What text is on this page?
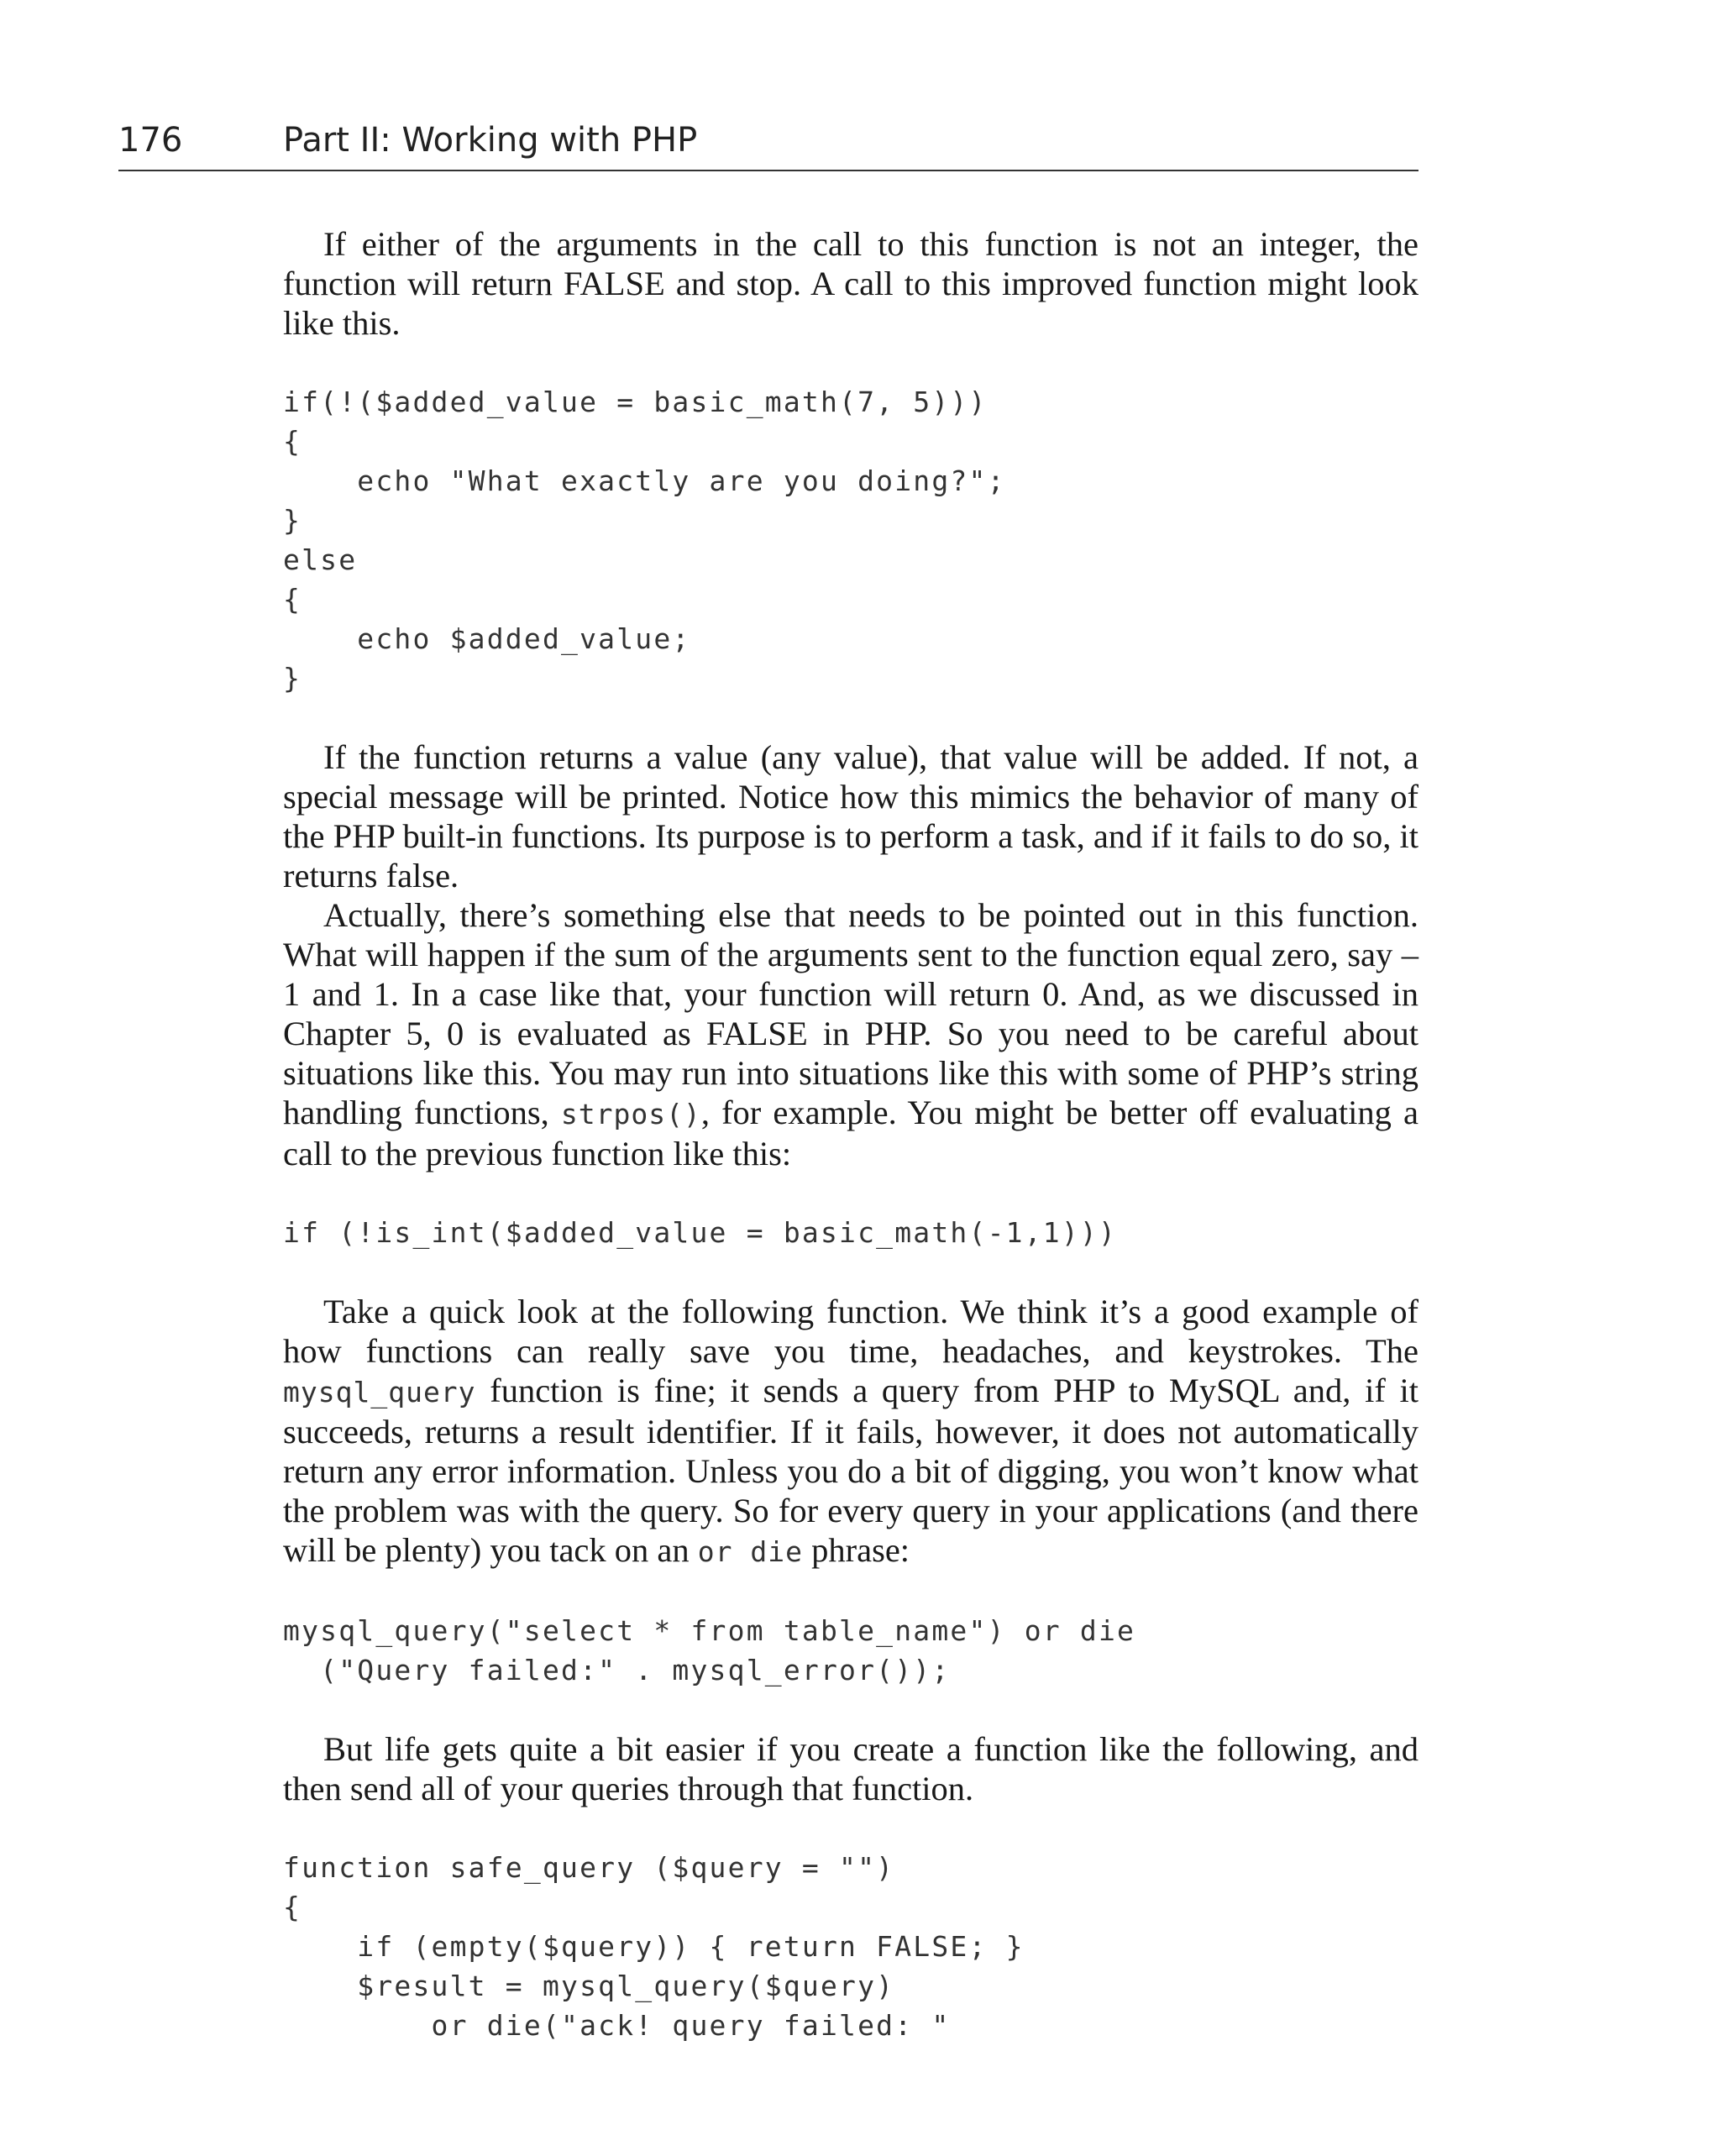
176	Part II: Working with PHP

If either of the arguments in the call to this function is not an integer, the function will return FALSE and stop. A call to this improved function might look like this.

if(!($added_value = basic_math(7, 5)))
{
echo "What exactly are you doing?";
}
else
{
echo $added_value;
}

If the function returns a value (any value), that value will be added. If not, a special message will be printed. Notice how this mimics the behavior of many of the PHP built-in functions. Its purpose is to perform a task, and if it fails to do so, it returns false.

Actually, there’s something else that needs to be pointed out in this function. What will happen if the sum of the arguments sent to the function equal zero, say –1 and 1. In a case like that, your function will return 0. And, as we discussed in Chapter 5, 0 is evaluated as FALSE in PHP. So you need to be careful about situations like this. You may run into situations like this with some of PHP’s string handling functions, strpos(), for example. You might be better off evaluating a call to the previous function like this:

if (!is_int($added_value = basic_math(-1,1)))

Take a quick look at the following function. We think it’s a good example of how functions can really save you time, headaches, and keystrokes. The mysql_query function is fine; it sends a query from PHP to MySQL and, if it succeeds, returns a result identifier. If it fails, however, it does not automatically return any error information. Unless you do a bit of digging, you won’t know what the problem was with the query. So for every query in your applications (and there will be plenty) you tack on an or die phrase:

mysql_query("select * from table_name") or die
("Query failed:" . mysql_error());

But life gets quite a bit easier if you create a function like the following, and then send all of your queries through that function.

function safe_query ($query = "")
{
if (empty($query)) { return FALSE; }
$result = mysql_query($query)
or die("ack! query failed: "
